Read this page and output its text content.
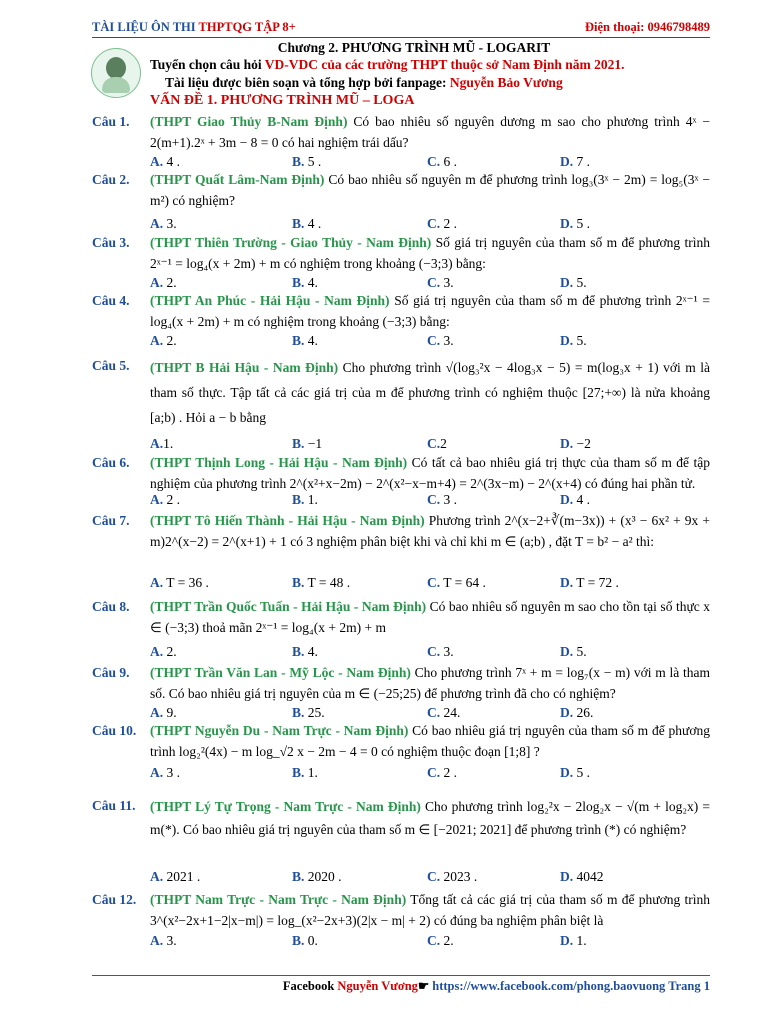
TÀI LIỆU ÔN THI THPTQG TẬP 8+	Điện thoại: 0946798489
Chương 2. PHƯƠNG TRÌNH MŨ - LOGARIT
Tuyển chọn câu hỏi VD-VDC của các trường THPT thuộc sở Nam Định năm 2021.
Tài liệu được biên soạn và tổng hợp bởi fanpage: Nguyễn Bảo Vương
VẤN ĐỀ 1. PHƯƠNG TRÌNH MŨ – LOGA
Câu 1.	(THPT Giao Thủy B-Nam Định) Có bao nhiêu số nguyên dương m sao cho phương trình 4ˣ − 2(m+1).2ˣ + 3m − 8 = 0 có hai nghiệm trái dấu?
A. 4 .	B. 5 .	C. 6 .	D. 7 .
Câu 2.	(THPT Quất Lâm-Nam Định) Có bao nhiêu số nguyên m để phương trình log₃(3ˣ − 2m) = log₅(3ˣ − m²) có nghiệm?
A. 3.	B. 4 .	C. 2 .	D. 5 .
Câu 3.	(THPT Thiên Trường - Giao Thủy - Nam Định) Số giá trị nguyên của tham số m để phương trình 2ˣ⁻¹ = log₄(x + 2m) + m có nghiệm trong khoảng (−3;3) bằng:
A. 2.	B. 4.	C. 3.	D. 5.
Câu 4.	(THPT An Phúc - Hải Hậu - Nam Định) Số giá trị nguyên của tham số m để phương trình 2ˣ⁻¹ = log₄(x + 2m) + m có nghiệm trong khoảng (−3;3) bằng:
A. 2.	B. 4.	C. 3.	D. 5.
Câu 5.	(THPT B Hải Hậu - Nam Định) Cho phương trình √(log₃²x − 4log₃x − 5) = m(log₃x + 1) với m là tham số thực. Tập tất cả các giá trị của m để phương trình có nghiệm thuộc [27;+∞) là nửa khoảng [a;b) . Hỏi a − b bằng
A.1.	B. −1	C.2	D. −2
Câu 6.	(THPT Thịnh Long - Hải Hậu - Nam Định) Có tất cả bao nhiêu giá trị thực của tham số m để tập nghiệm của phương trình 2^(x²+x−2m) − 2^(x²−x−m+4) = 2^(3x−m) − 2^(x+4) có đúng hai phần tử.
A. 2 .	B. 1.	C. 3 .	D. 4 .
Câu 7.	(THPT Tô Hiến Thành - Hải Hậu - Nam Định) Phương trình 2^(x−2+∛(m−3x)) + (x³ − 6x² + 9x + m)2^(x−2) = 2^(x+1) + 1 có 3 nghiệm phân biệt khi và chỉ khi m ∈ (a;b) , đặt T = b² − a² thì:
A. T = 36 .	B. T = 48 .	C. T = 64 .	D. T = 72 .
Câu 8.	(THPT Trần Quốc Tuấn - Hải Hậu - Nam Định) Có bao nhiêu số nguyên m sao cho tồn tại số thực x ∈ (−3;3) thoả mãn 2ˣ⁻¹ = log₄(x + 2m) + m
A. 2.	B. 4.	C. 3.	D. 5.
Câu 9.	(THPT Trần Văn Lan - Mỹ Lộc - Nam Định) Cho phương trình 7ˣ + m = log₇(x − m) với m là tham số. Có bao nhiêu giá trị nguyên của m ∈ (−25;25) để phương trình đã cho có nghiệm?
A. 9.	B. 25.	C. 24.	D. 26.
Câu 10.	(THPT Nguyễn Du - Nam Trực - Nam Định) Có bao nhiêu giá trị nguyên của tham số m để phương trình log₂²(4x) − m log_√2 x − 2m − 4 = 0 có nghiệm thuộc đoạn [1;8] ?
A. 3 .	B. 1.	C. 2 .	D. 5 .
Câu 11.	(THPT Lý Tự Trọng - Nam Trực - Nam Định) Cho phương trình log₂²x − 2log₂x − √(m + log₂x) = m(*). Có bao nhiêu giá trị nguyên của tham số m ∈ [−2021; 2021] để phương trình (*) có nghiệm?
A. 2021 .	B. 2020 .	C. 2023 .	D. 4042
Câu 12.	(THPT Nam Trực - Nam Trực - Nam Định) Tổng tất cả các giá trị của tham số m để phương trình 3^(x²−2x+1−2|x−m|) = log_(x²−2x+3)(2|x − m| + 2) có đúng ba nghiệm phân biệt là
A. 3.	B. 0.	C. 2.	D. 1.
Facebook Nguyễn Vương☛ https://www.facebook.com/phong.baovuong Trang 1
